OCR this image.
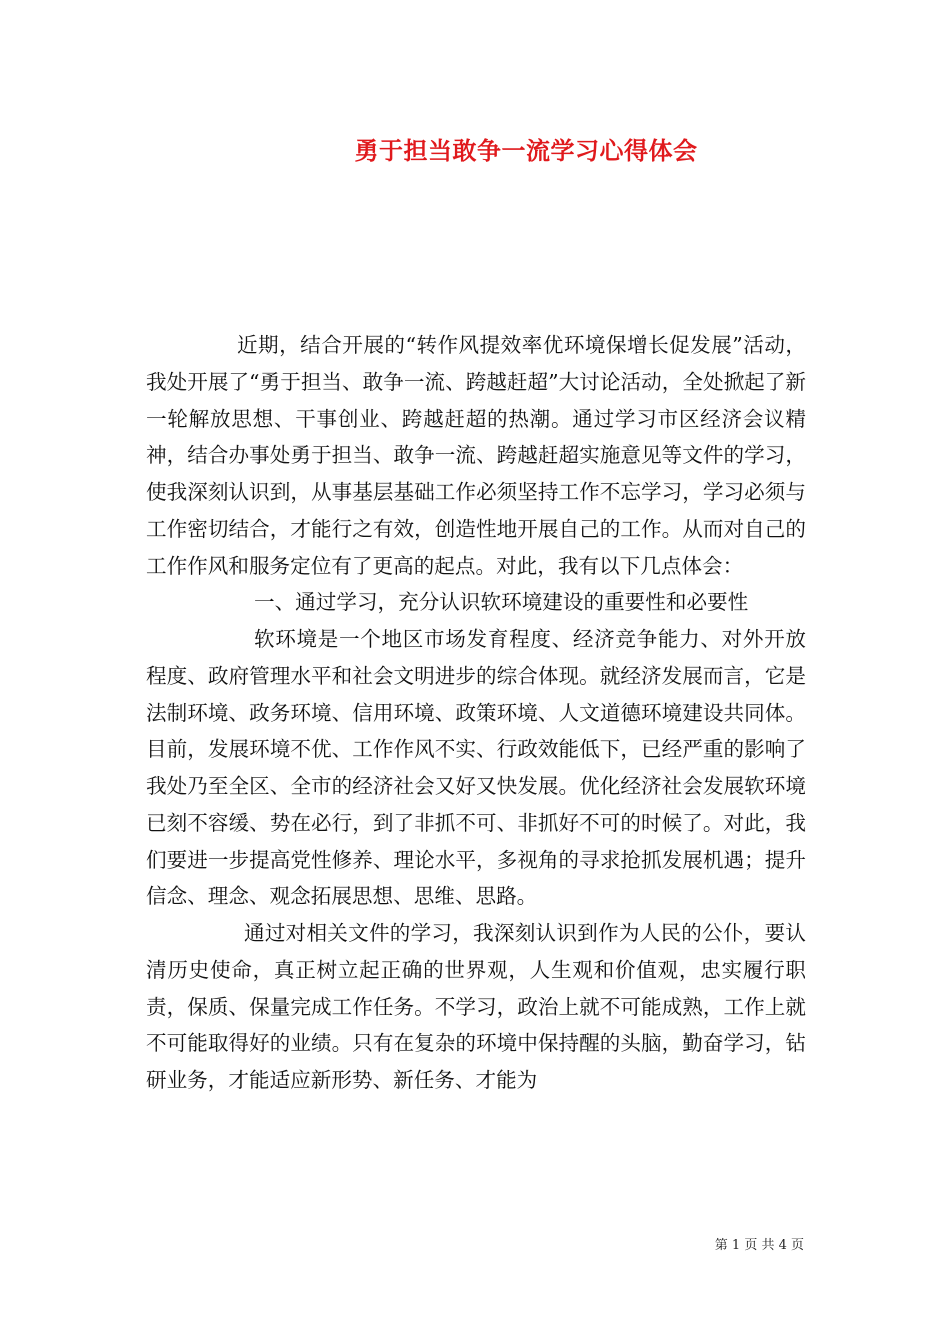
勇于担当敢争一流学习心得体会

近期，结合开展的“转作风提效率优环境保增长促发展”活动，我处开展了“勇于担当、敢争一流、跨越赶超”大讨论活动，全处掀起了新一轮解放思想、干事创业、跨越赶超的热潮。通过学习市区经济会议精神，结合办事处勇于担当、敢争一流、跨越赶超实施意见等文件的学习，使我深刻认识到，从事基层基础工作必须坚持工作不忘学习，学习必须与工作密切结合，才能行之有效，创造性地开展自己的工作。从而对自己的工作作风和服务定位有了更高的起点。对此，我有以下几点体会：

一、通过学习，充分认识软环境建设的重要性和必要性

软环境是一个地区市场发育程度、经济竞争能力、对外开放程度、政府管理水平和社会文明进步的综合体现。就经济发展而言，它是法制环境、政务环境、信用环境、政策环境、人文道德环境建设共同体。目前，发展环境不优、工作作风不实、行政效能低下，已经严重的影响了我处乃至全区、全市的经济社会又好又快发展。优化经济社会发展软环境已刻不容缓、势在必行，到了非抓不可、非抓好不可的时候了。对此，我们要进一步提高党性修养、理论水平，多视角的寻求抢抓发展机遇；提升信念、理念、观念拓展思想、思维、思路。

通过对相关文件的学习，我深刻认识到作为人民的公仆，要认清历史使命，真正树立起正确的世界观，人生观和价值观，忠实履行职责，保质、保量完成工作任务。不学习，政治上就不可能成熟，工作上就不可能取得好的业绩。只有在复杂的环境中保持醒的头脑，勤奋学习，钻研业务，才能适应新形势、新任务、才能为

第 1 页 共 4 页
